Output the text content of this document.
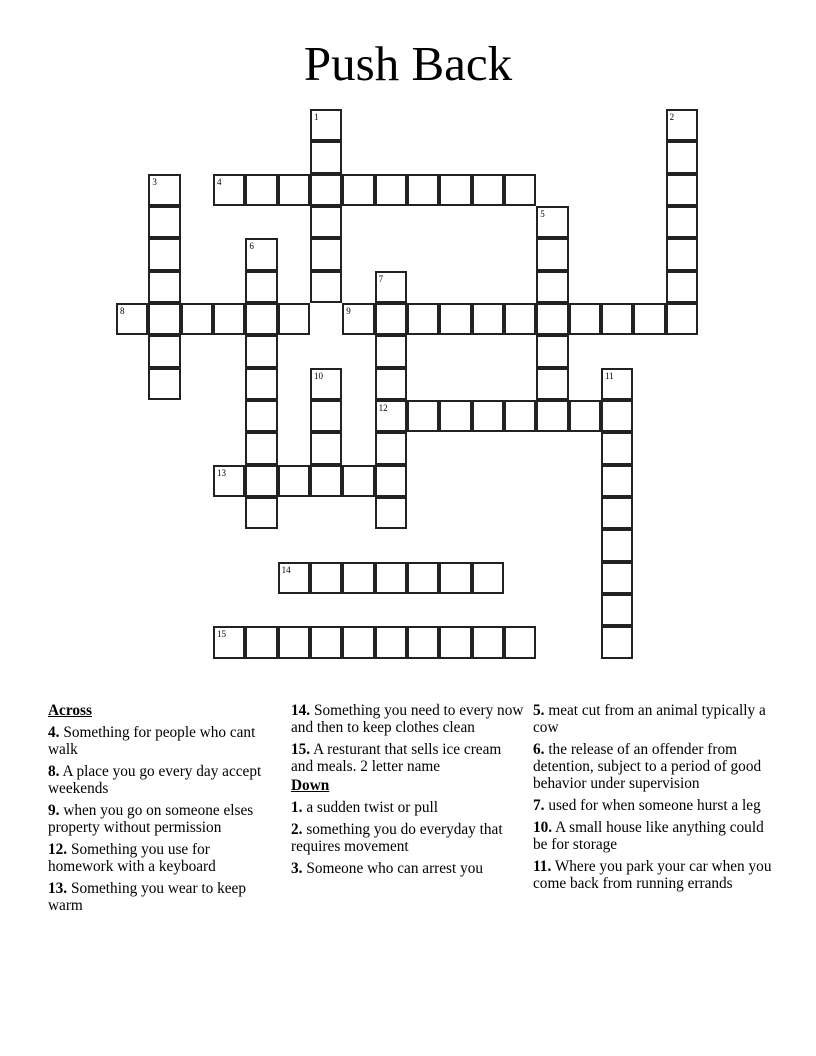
Push Back
1	2
3	4
5
6
7
12
8	9
10	11
13
14
15
Across
4. Something for people who cant walk
8. A place you go every day accept weekends
9. when you go on someone elses property without permission
12. Something you use for homework with a keyboard
13. Something you wear to keep warm
14. Something you need to every now and then to keep clothes clean
15. A resturant that sells ice cream and meals. 2 letter name
Down
1. a sudden twist or pull
2. something you do everyday that requires movement
3. Someone who can arrest you
5. meat cut from an animal typically a cow
6. the release of an offender from detention, subject to a period of good behavior under supervision
7. used for when someone hurst a leg
10. A small house like anything could be for storage
11. Where you park your car when you come back from running errands
